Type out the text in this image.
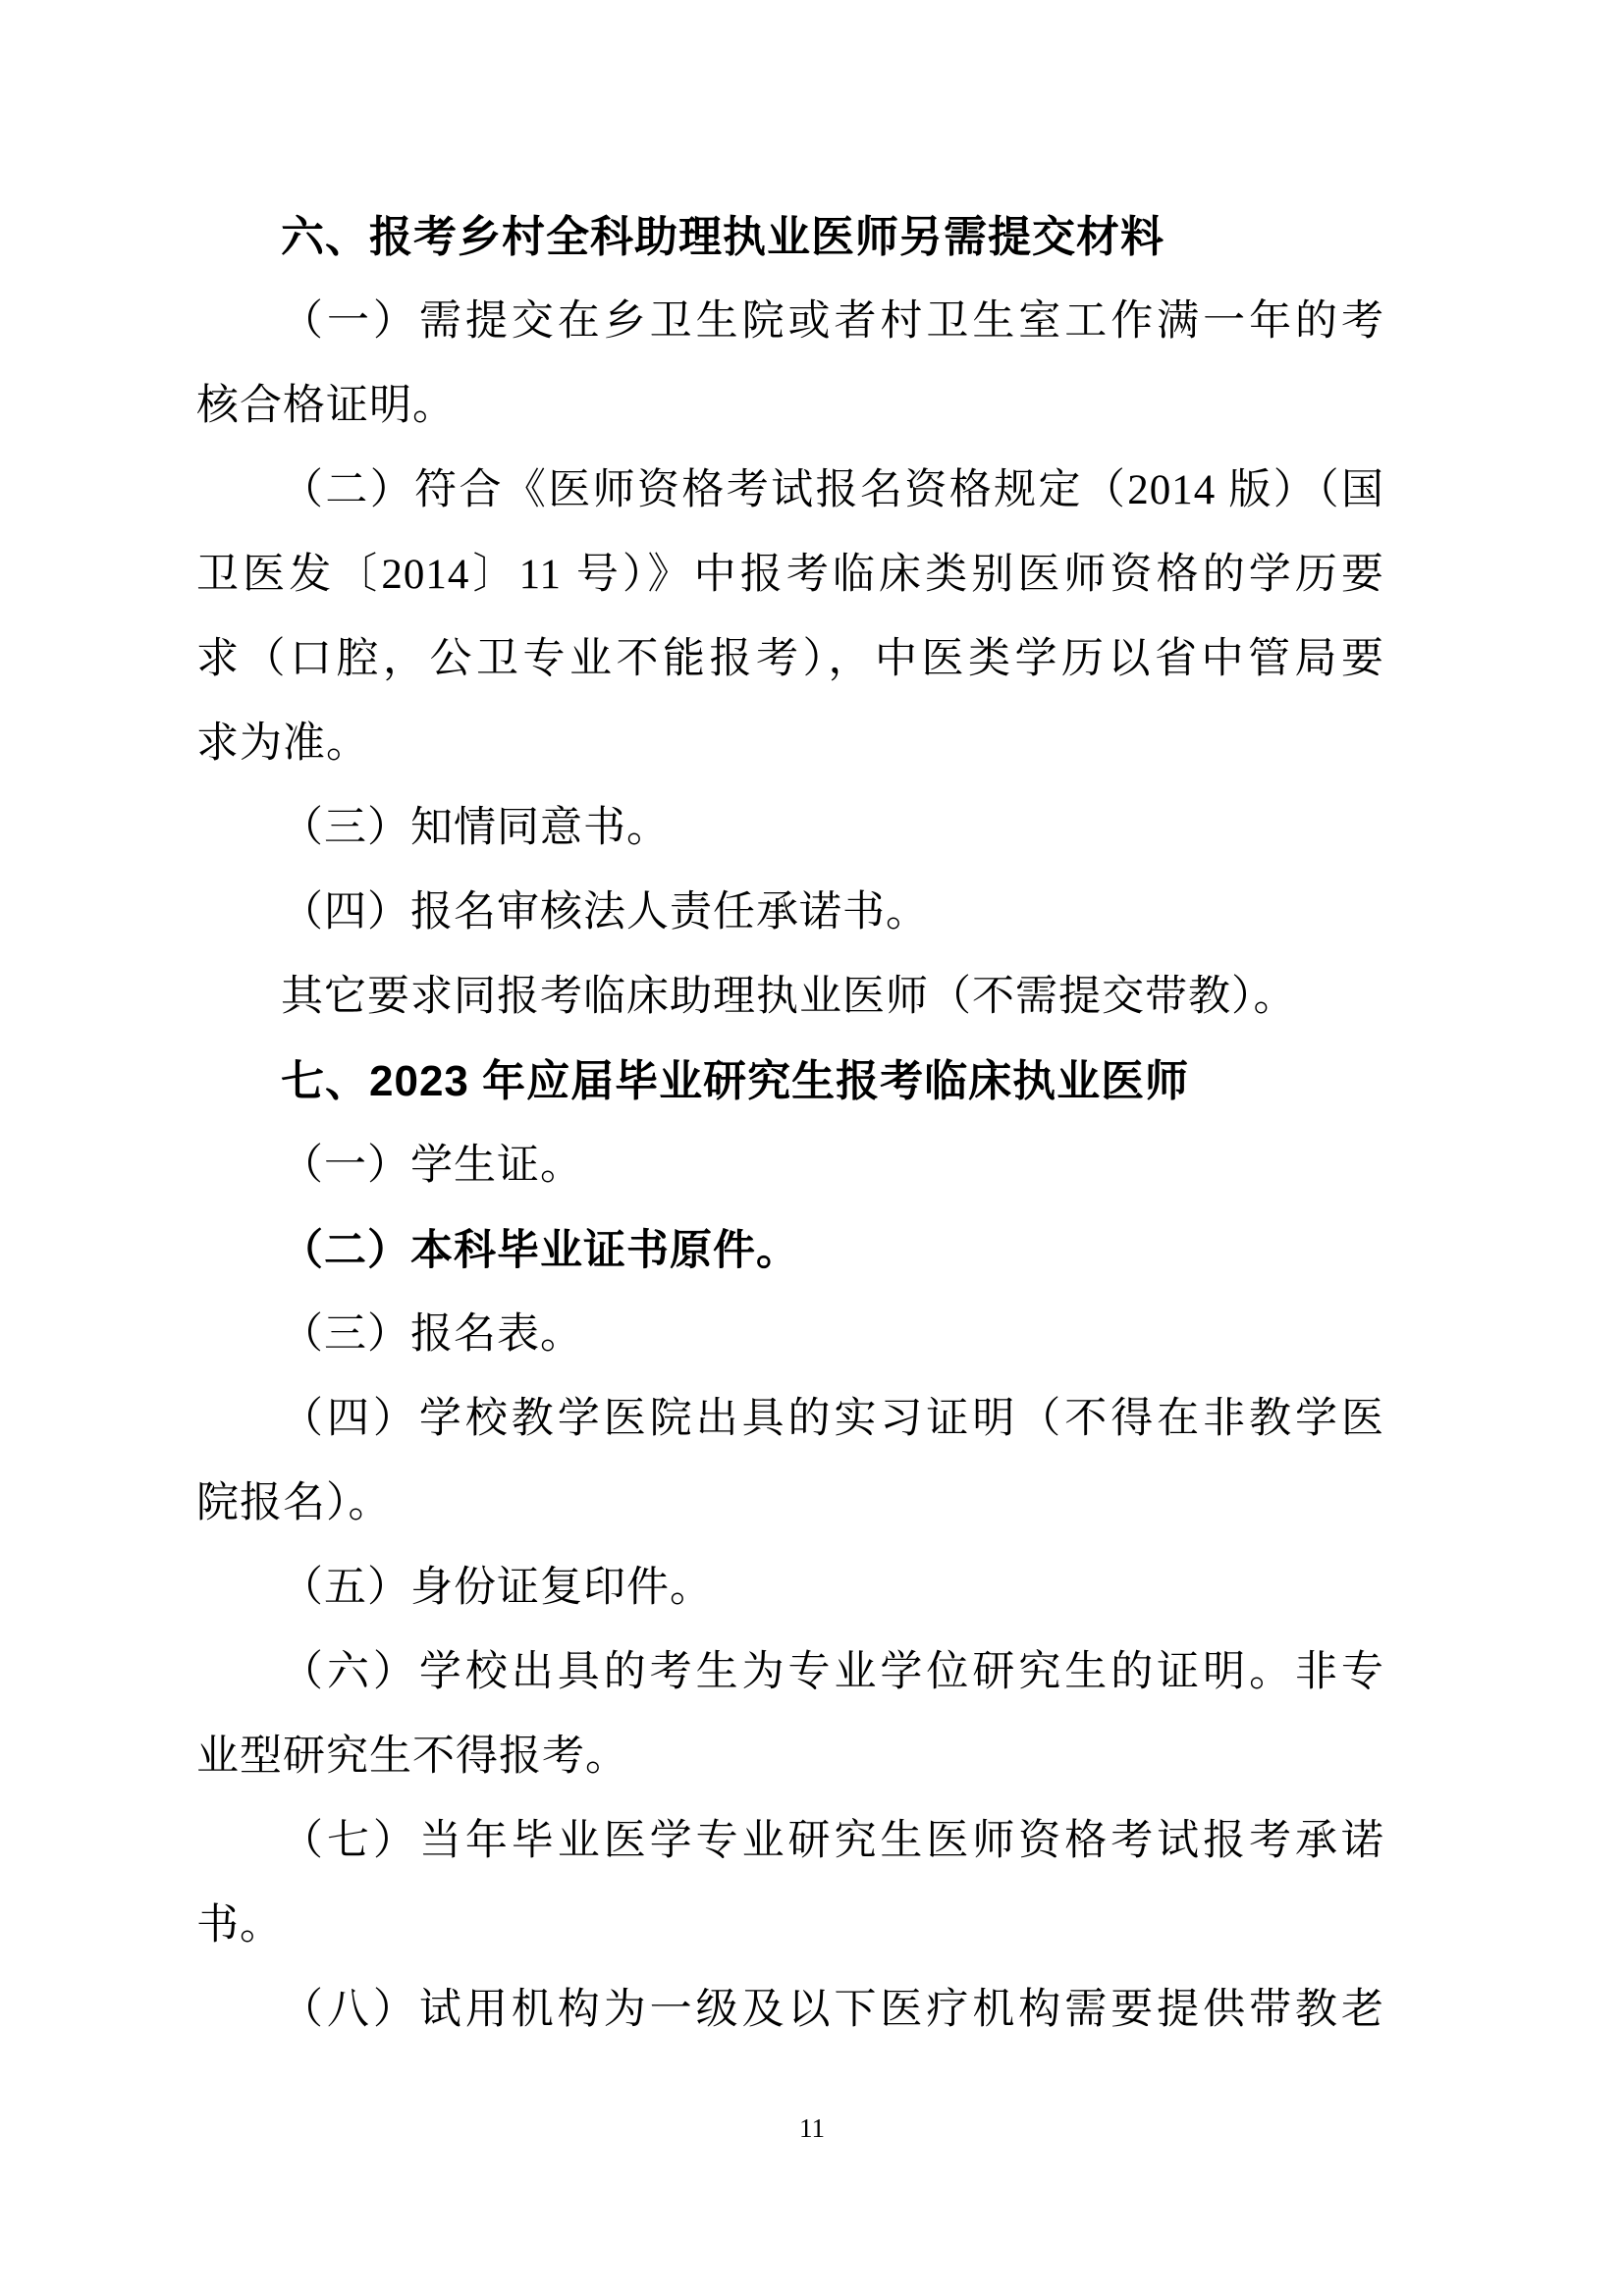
六、报考乡村全科助理执业医师另需提交材料
（一）需提交在乡卫生院或者村卫生室工作满一年的考
核合格证明。
（二）符合《医师资格考试报名资格规定（2014 版）（国
卫医发〔2014〕11 号）》中报考临床类别医师资格的学历要
求（口腔，公卫专业不能报考），中医类学历以省中管局要
求为准。
（三）知情同意书。
（四）报名审核法人责任承诺书。
其它要求同报考临床助理执业医师（不需提交带教）。
七、2023 年应届毕业研究生报考临床执业医师
（一）学生证。
（二）本科毕业证书原件。
（三）报名表。
（四）学校教学医院出具的实习证明（不得在非教学医
院报名）。
（五）身份证复印件。
（六）学校出具的考生为专业学位研究生的证明。非专
业型研究生不得报考。
（七）当年毕业医学专业研究生医师资格考试报考承诺
书。
（八）试用机构为一级及以下医疗机构需要提供带教老
11
